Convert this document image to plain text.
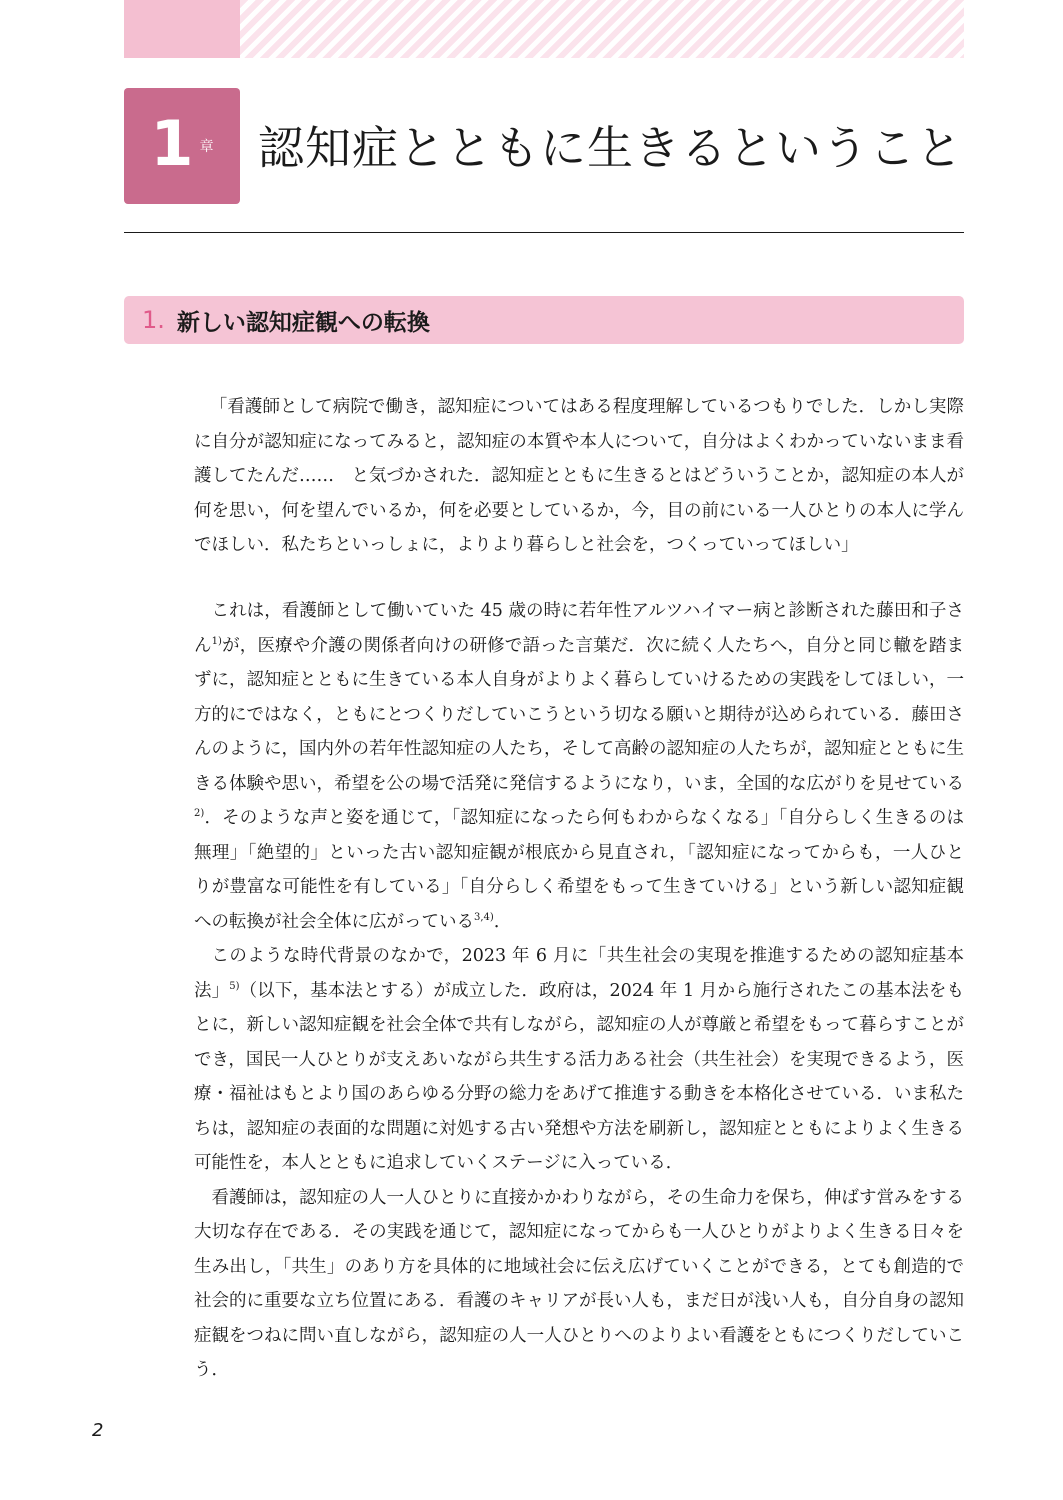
1 章 認知症とともに生きるということ
1. 新しい認知症観への転換
「看護師として病院で働き，認知症についてはある程度理解しているつもりでした．しかし実際に自分が認知症になってみると，認知症の本質や本人について，自分はよくわかっていないまま看護してたんだ……　と気づかされた．認知症とともに生きるとはどういうことか，認知症の本人が何を思い，何を望んでいるか，何を必要としているか，今，目の前にいる一人ひとりの本人に学んでほしい．私たちといっしょに，よりより暮らしと社会を，つくっていってほしい」

これは，看護師として働いていた 45 歳の時に若年性アルツハイマー病と診断された藤田和子さん$^{1)}$が，医療や介護の関係者向けの研修で語った言葉だ．次に続く人たちへ，自分と同じ轍を踏まずに，認知症とともに生きている本人自身がよりよく暮らしていけるための実践をしてほしい，一方的にではなく，ともにとつくりだしていこうという切なる願いと期待が込められている．藤田さんのように，国内外の若年性認知症の人たち，そして高齢の認知症の人たちが，認知症とともに生きる体験や思い，希望を公の場で活発に発信するようになり，いま，全国的な広がりを見せている$^{2)}$．そのような声と姿を通じて，「認知症になったら何もわからなくなる」「自分らしく生きるのは無理」「絶望的」といった古い認知症観が根底から見直され，「認知症になってからも，一人ひとりが豊富な可能性を有している」「自分らしく希望をもって生きていける」という新しい認知症観への転換が社会全体に広がっている$^{3,4)}$．

このような時代背景のなかで，2023 年 6 月に「共生社会の実現を推進するための認知症基本法」$^{5)}$（以下，基本法とする）が成立した．政府は，2024 年 1 月から施行されたこの基本法をもとに，新しい認知症観を社会全体で共有しながら，認知症の人が尊厳と希望をもって暮らすことができ，国民一人ひとりが支えあいながら共生する活力ある社会（共生社会）を実現できるよう，医療・福祉はもとより国のあらゆる分野の総力をあげて推進する動きを本格化させている．いま私たちは，認知症の表面的な問題に対処する古い発想や方法を刷新し，認知症とともによりよく生きる可能性を，本人とともに追求していくステージに入っている．

看護師は，認知症の人一人ひとりに直接かかわりながら，その生命力を保ち，伸ばす営みをする大切な存在である．その実践を通じて，認知症になってからも一人ひとりがよりよく生きる日々を生み出し，「共生」のあり方を具体的に地域社会に伝え広げていくことができる，とても創造的で社会的に重要な立ち位置にある．看護のキャリアが長い人も，まだ日が浅い人も，自分自身の認知症観をつねに問い直しながら，認知症の人一人ひとりへのよりよい看護をともにつくりだしていこう．

2
